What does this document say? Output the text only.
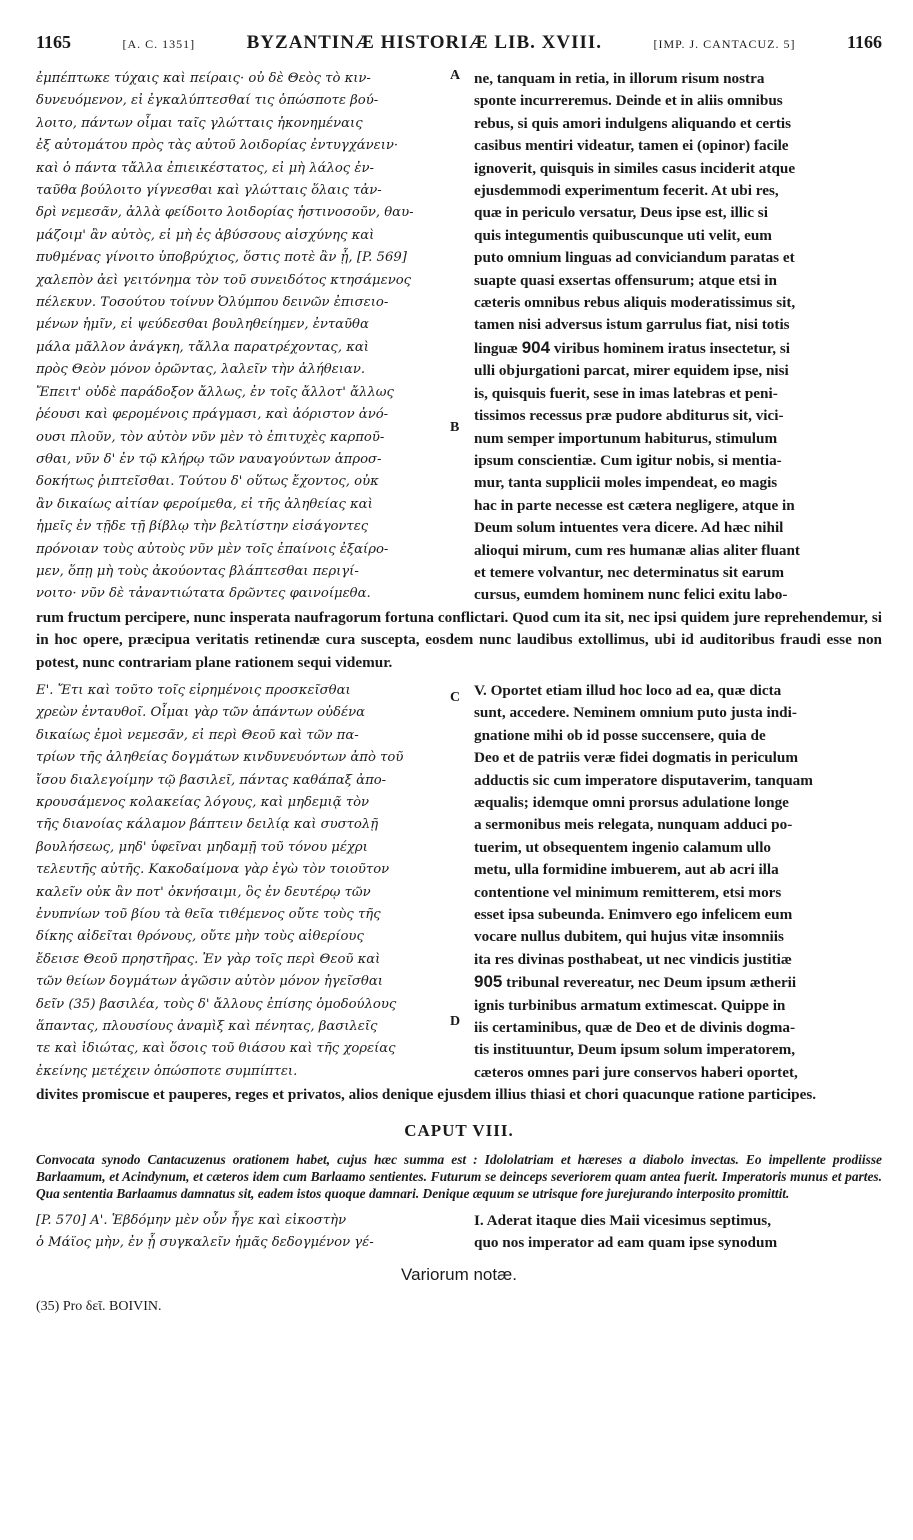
1165	[A. C. 1351]	BYZANTINÆ HISTORIÆ LIB. XVIII.	[IMP. J. CANTACUZ. 5]	1166
A
B

ἐμπέπτωκε τύχαις καὶ πείραις· οὐ δὲ Θεὸς τὸ κιν-

δυνευόμενον, εἰ ἐγκαλύπτεσθαί τις ὁπώσποτε βού-

λοιτο, πάντων οἶμαι ταῖς γλώτταις ἠκονημέναις

ἐξ αὐτομάτου πρὸς τὰς αὐτοῦ λοιδορίας ἐντυγχάνειν·

καὶ ὁ πάντα τἄλλα ἐπιεικέστατος, εἰ μὴ λάλος ἐν-

ταῦθα βούλοιτο γίγνεσθαι καὶ γλώτταις ὅλαις τἀν-

δρὶ νεμεσᾶν, ἀλλὰ φείδοιτο λοιδορίας ἡστινοσοῦν, θαυ-

μάζοιμ' ἂν αὐτὸς, εἰ μὴ ἐς ἀβύσσους αἰσχύνης καὶ

πυθμένας γίνοιτο ὑποβρύχιος, ὅστις ποτὲ ἂν ᾖ, [P. 569]

χαλεπὸν ἀεὶ γειτόνημα τὸν τοῦ συνειδότος κτησάμενος

πέλεκυν. Τοσούτου τοίνυν Ὀλύμπου δεινῶν ἐπισειο-

μένων ἡμῖν, εἰ ψεύδεσθαι βουληθείημεν, ἐνταῦθα

μάλα μᾶλλον ἀνάγκη, τἄλλα παρατρέχοντας, καὶ

πρὸς Θεὸν μόνον ὁρῶντας, λαλεῖν τὴν ἀλήθειαν.

Ἔπειτ' οὐδὲ παράδοξον ἄλλως, ἐν τοῖς ἄλλοτ' ἄλλως

ῥέουσι καὶ φερομένοις πράγμασι, καὶ ἀόριστον ἀνό-

ουσι πλοῦν, τὸν αὐτὸν νῦν μὲν τὸ ἐπιτυχὲς καρποῦ-

σθαι, νῦν δ' ἐν τῷ κλήρῳ τῶν ναυαγούντων ἀπροσ-

δοκήτως ῥιπτεῖσθαι. Τούτου δ' οὕτως ἔχοντος, οὐκ

ἂν δικαίως αἰτίαν φεροίμεθα, εἰ τῆς ἀληθείας καὶ

ἡμεῖς ἐν τῇδε τῇ βίβλῳ τὴν βελτίστην εἰσάγοντες

πρόνοιαν τοὺς αὐτοὺς νῦν μὲν τοῖς ἐπαίνοις ἐξαίρο-

μεν, ὅπῃ μὴ τοὺς ἀκούοντας βλάπτεσθαι περιγί-

νοιτο· νῦν δὲ τἀναντιώτατα δρῶντες φαινοίμεθα.

ne, tanquam in retia, in illorum risum nostra

sponte incurreremus. Deinde et in aliis omnibus

rebus, si quis amori indulgens aliquando et certis

casibus mentiri videatur, tamen ei (opinor) facile

ignoverit, quisquis in similes casus inciderit atque

ejusdemmodi experimentum fecerit. At ubi res,

quæ in periculo versatur, Deus ipse est, illic si

quis integumentis quibuscunque uti velit, eum

puto omnium linguas ad conviciandum paratas et

suapte quasi exsertas offensurum; atque etsi in

cæteris omnibus rebus aliquis moderatissimus sit,

tamen nisi adversus istum garrulus fiat, nisi totis

linguæ 904 viribus hominem iratus insectetur, si

ulli objurgationi parcat, mirer equidem ipse, nisi

is, quisquis fuerit, sese in imas latebras et peni-

tissimos recessus præ pudore abditurus sit, vici-

num semper importunum habiturus, stimulum

ipsum conscientiæ. Cum igitur nobis, si mentia-

mur, tanta supplicii moles impendeat, eo magis

hac in parte necesse est cætera negligere, atque in

Deum solum intuentes vera dicere. Ad hæc nihil

alioqui mirum, cum res humanæ alias aliter fluant

et temere volvantur, nec determinatus sit earum

cursus, eumdem hominem nunc felici exitu labo-

rum fructum percipere, nunc insperata naufragorum fortuna conflictari. Quod cum ita sit, nec ipsi quidem jure reprehendemur, si in hoc opere, præcipua veritatis retinendæ cura suscepta, eosdem nunc laudibus extollimus, ubi id auditoribus fraudi esse non potest, nunc contrariam plane rationem sequi videmur.

C
D

Ε'. Ἔτι καὶ τοῦτο τοῖς εἰρημένοις προσκεῖσθαι

χρεὼν ἐνταυθοῖ. Οἶμαι γὰρ τῶν ἁπάντων οὐδένα

δικαίως ἐμοὶ νεμεσᾶν, εἰ περὶ Θεοῦ καὶ τῶν πα-

τρίων τῆς ἀληθείας δογμάτων κινδυνευόντων ἀπὸ τοῦ

ἴσου διαλεγοίμην τῷ βασιλεῖ, πάντας καθάπαξ ἀπο-

κρουσάμενος κολακείας λόγους, καὶ μηδεμιᾷ τὸν

τῆς διανοίας κάλαμον βάπτειν δειλίᾳ καὶ συστολῇ

βουλήσεως, μηδ' ὑφεῖναι μηδαμῇ τοῦ τόνου μέχρι

τελευτῆς αὐτῆς. Κακοδαίμονα γὰρ ἐγὼ τὸν τοιοῦτον

καλεῖν οὐκ ἂν ποτ' ὀκνήσαιμι, ὃς ἐν δευτέρῳ τῶν

ἐνυπνίων τοῦ βίου τὰ θεῖα τιθέμενος οὔτε τοὺς τῆς

δίκης αἰδεῖται θρόνους, οὔτε μὴν τοὺς αἰθερίους

ἔδεισε Θεοῦ πρηστῆρας. Ἐν γὰρ τοῖς περὶ Θεοῦ καὶ

τῶν θείων δογμάτων ἀγῶσιν αὐτὸν μόνον ἡγεῖσθαι

δεῖν (35) βασιλέα, τοὺς δ' ἄλλους ἐπίσης ὁμοδούλους

ἅπαντας, πλουσίους ἀναμὶξ καὶ πένητας, βασιλεῖς

τε καὶ ἰδιώτας, καὶ ὅσοις τοῦ θιάσου καὶ τῆς χορείας

ἐκείνης μετέχειν ὁπώσποτε συμπίπτει.

V. Oportet etiam illud hoc loco ad ea, quæ dicta

sunt, accedere. Neminem omnium puto justa indi-

gnatione mihi ob id posse succensere, quia de

Deo et de patriis veræ fidei dogmatis in periculum

adductis sic cum imperatore disputaverim, tanquam

æqualis; idemque omni prorsus adulatione longe

a sermonibus meis relegata, nunquam adduci po-

tuerim, ut obsequentem ingenio calamum ullo

metu, ulla formidine imbuerem, aut ab acri illa

contentione vel minimum remitterem, etsi mors

esset ipsa subeunda. Enimvero ego infelicem eum

vocare nullus dubitem, qui hujus vitæ insomniis

ita res divinas posthabeat, ut nec vindicis justitiæ

905 tribunal revereatur, nec Deum ipsum ætherii

ignis turbinibus armatum extimescat. Quippe in

iis certaminibus, quæ de Deo et de divinis dogma-

tis instituuntur, Deum ipsum solum imperatorem,

cæteros omnes pari jure conservos haberi oportet,

divites promiscue et pauperes, reges et privatos, alios denique ejusdem illius thiasi et chori quacunque ratione participes.

CAPUT VIII.
Convocata synodo Cantacuzenus orationem habet, cujus hæc summa est : Idololatriam et hæreses a diabolo invectas. Eo impellente prodiisse Barlaamum, et Acindynum, et cæteros idem cum Barlaamo sentientes. Futurum se deinceps severiorem quam antea fuerit. Imperatoris munus et partes. Qua sententia Barlaamus damnatus sit, eadem istos quoque damnari. Denique æquum se utrisque fore jurejurando interposito promittit.

[P. 570] Α'. Ἑβδόμην μὲν οὖν ἦγε καὶ εἰκοστὴν

ὁ Μάϊος μὴν, ἐν ᾗ συγκαλεῖν ἡμᾶς δεδογμένον γέ-

I. Aderat itaque dies Maii vicesimus septimus,

quo nos imperator ad eam quam ipse synodum

Variorum notæ.
(35) Pro δεῖ. BOIVIN.
